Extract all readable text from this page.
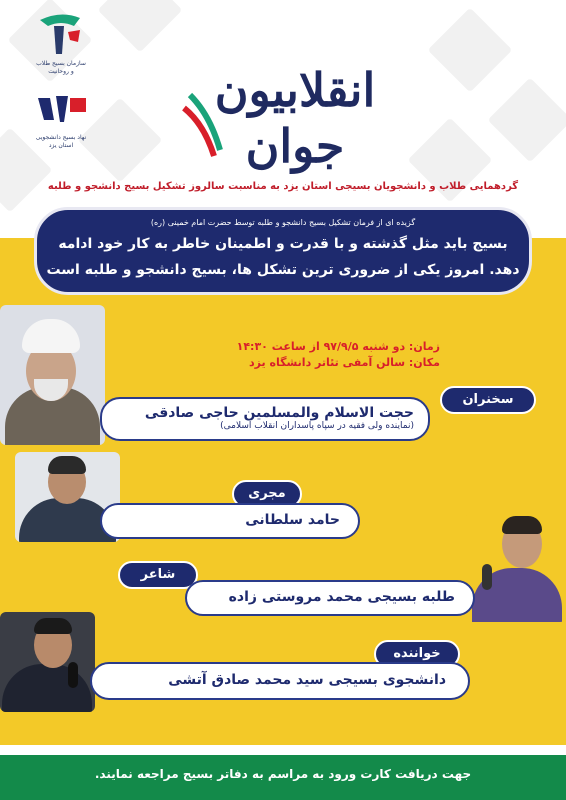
سازمان بسیج طلاب و روحانیت
نهاد بسیج دانشجویی استان یزد
انقلابیون جوان
گردهمایی طلاب و دانشجویان بسیجی استان یزد به مناسبت سالروز تشکیل بسیج دانشجو و طلبه
گزیده ای از فرمان تشکیل بسیج دانشجو و طلبه توسط حضرت امام خمینی (ره)
بسیج باید مثل گذشته و با قدرت و اطمینان خاطر به کار خود ادامه
دهد. امروز یکی از ضروری ترین تشکل ها، بسیج دانشجو و طلبه است
زمان: دو شنبه ۹۷/۹/۵ از ساعت ۱۴:۳۰
مکان: سالن آمفی تئاتر دانشگاه یزد
سخنران
حجت الاسلام والمسلمین حاجی صادقی
(نماینده ولی فقیه در سپاه پاسداران انقلاب اسلامی)
مجری
حامد سلطانی
شاعر
طلبه بسیجی محمد مروستی زاده
خواننده
دانشجوی بسیجی سید محمد صادق آتشی
جهت دریافت کارت ورود به مراسم به دفاتر بسیج مراجعه نمایند.
